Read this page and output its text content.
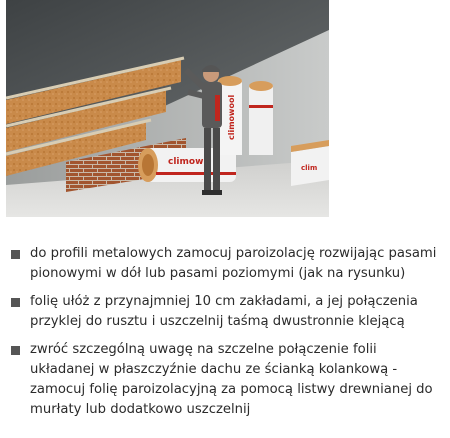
climow
climowool
clim
do profili metalowych zamocuj paroizolację rozwijając pasami pionowymi w dół lub pasami poziomymi (jak na rysunku)
folię ułóż z przynajmniej 10 cm zakładami, a jej połączenia przyklej do rusztu i uszczelnij taśmą dwustronnie klejącą
zwróć szczególną uwagę na szczelne połączenie folii układanej w płaszczyźnie dachu ze ścianką kolankową - zamocuj folię paroizolacyjną za pomocą listwy drewnianej do murłaty lub dodatkowo uszczelnij
